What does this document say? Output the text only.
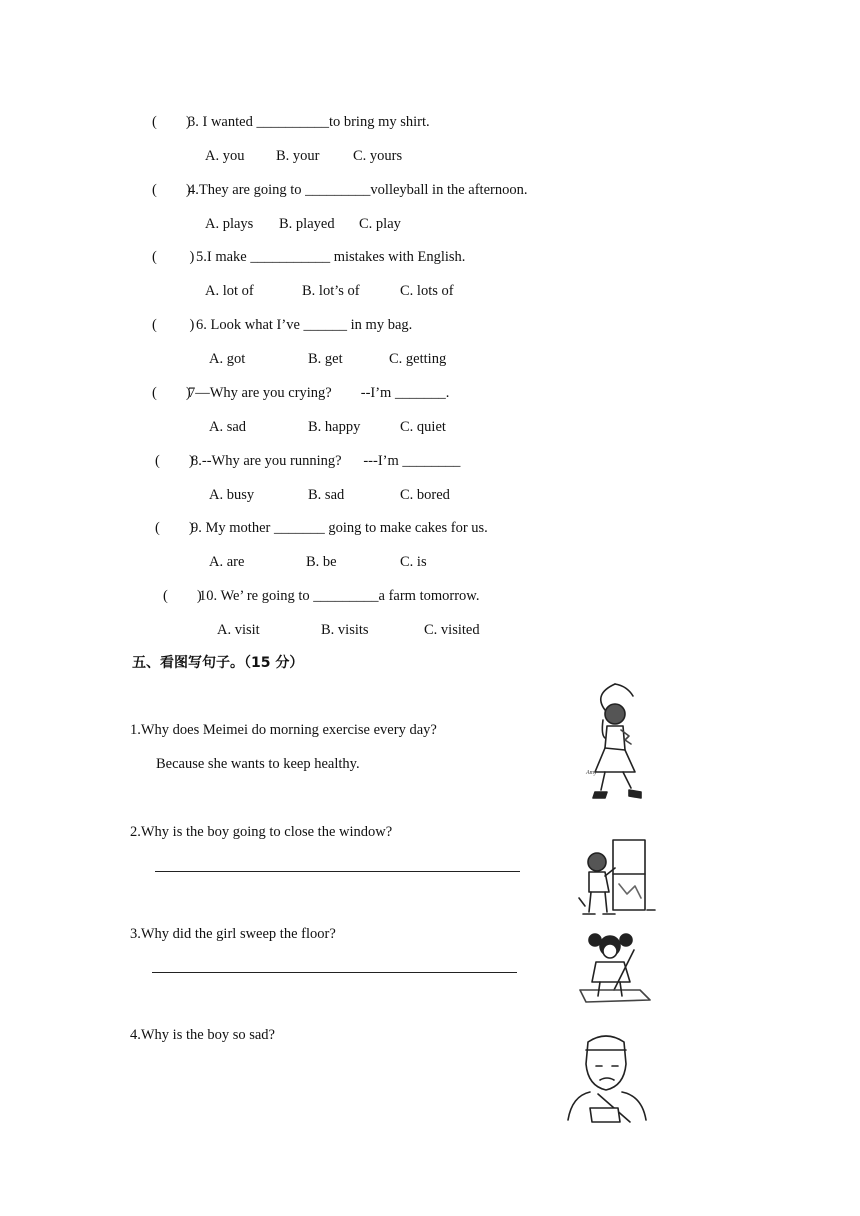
(        )
3. I wanted __________to bring my shirt.
A. you B. your C. yours
(        )
4.They are going to _________volleyball in the afternoon.
A. plays B. played C. play
(         ) 5.I make ___________ mistakes with English.
A. lot of	B. lot’s of	C. lots of
(         ) 6. Look what I’ve ______ in my bag.
A. got	B. get	C. getting
(        )
7—Why are you crying?        --I’m _______.
A. sad	B. happy	C. quiet
(        )
8.--Why are you running?      ---I’m ________
A. busy	B. sad	C. bored
(        )
9. My mother _______ going to make cakes for us.
A. are	B. be	C. is
(        )
10. We’ re going to _________a farm tomorrow.
A. visit	B. visits	C. visited
五、看图写句子。（15 分）
1.Why does Meimei do morning exercise every day?
Because she wants to keep healthy.
2.Why is the boy going to close the window?
3.Why did the girl sweep the floor?
4.Why is the boy so sad?
Amy
